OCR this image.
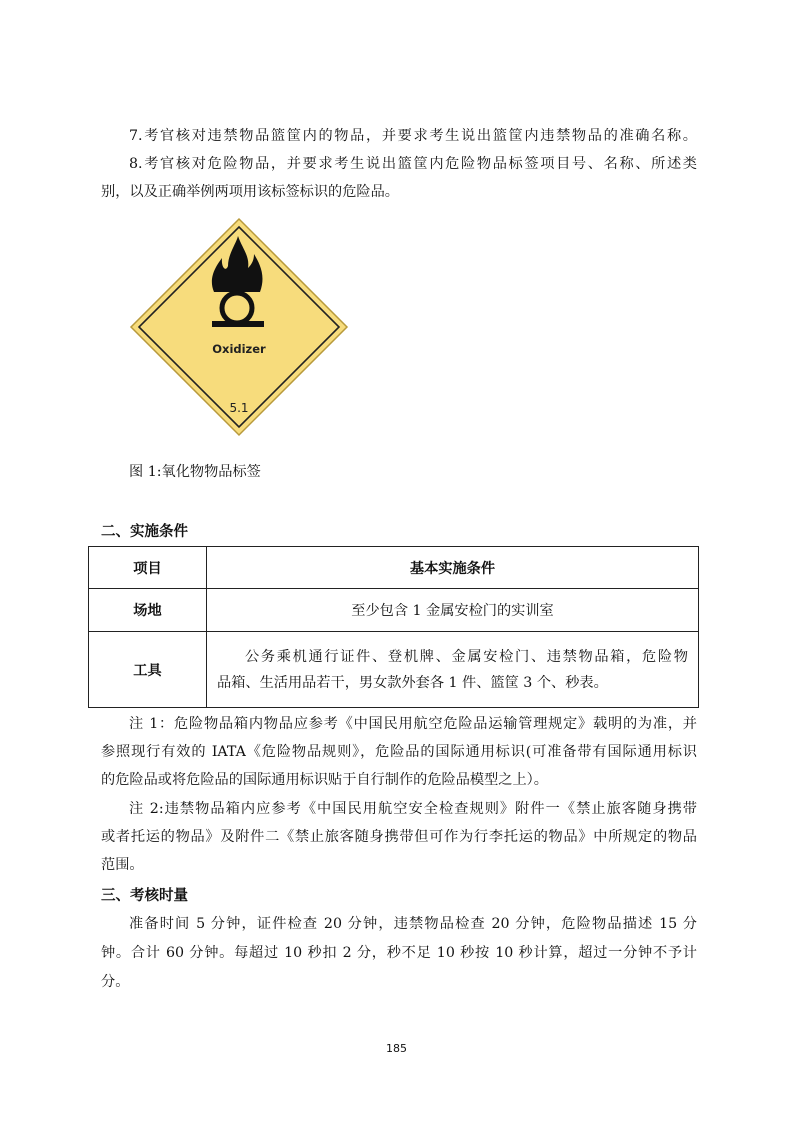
7.考官核对违禁物品篮筐内的物品，并要求考生说出篮筐内违禁物品的准确名称。
8.考官核对危险物品，并要求考生说出篮筐内危险物品标签项目号、名称、所述类
别，以及正确举例两项用该标签标识的危险品。
Oxidizer
5.1
图 1:氧化物物品标签
二、实施条件
项目	基本实施条件
场地	至少包含 1 金属安检门的实训室
工具	公务乘机通行证件、登机牌、金属安检门、违禁物品箱，危险物
品箱、生活用品若干，男女款外套各 1 件、篮筐 3 个、秒表。
注 1：危险物品箱内物品应参考《中国民用航空危险品运输管理规定》载明的为准，并
参照现行有效的 IATA《危险物品规则》，危险品的国际通用标识(可准备带有国际通用标识
的危险品或将危险品的国际通用标识贴于自行制作的危险品模型之上）。
注 2:违禁物品箱内应参考《中国民用航空安全检查规则》附件一《禁止旅客随身携带
或者托运的物品》及附件二《禁止旅客随身携带但可作为行李托运的物品》中所规定的物品
范围。
三、考核时量
准备时间 5 分钟，证件检查 20 分钟，违禁物品检查 20 分钟，危险物品描述 15 分
钟。合计 60 分钟。每超过 10 秒扣 2 分，秒不足 10 秒按 10 秒计算，超过一分钟不予计
分。
185
